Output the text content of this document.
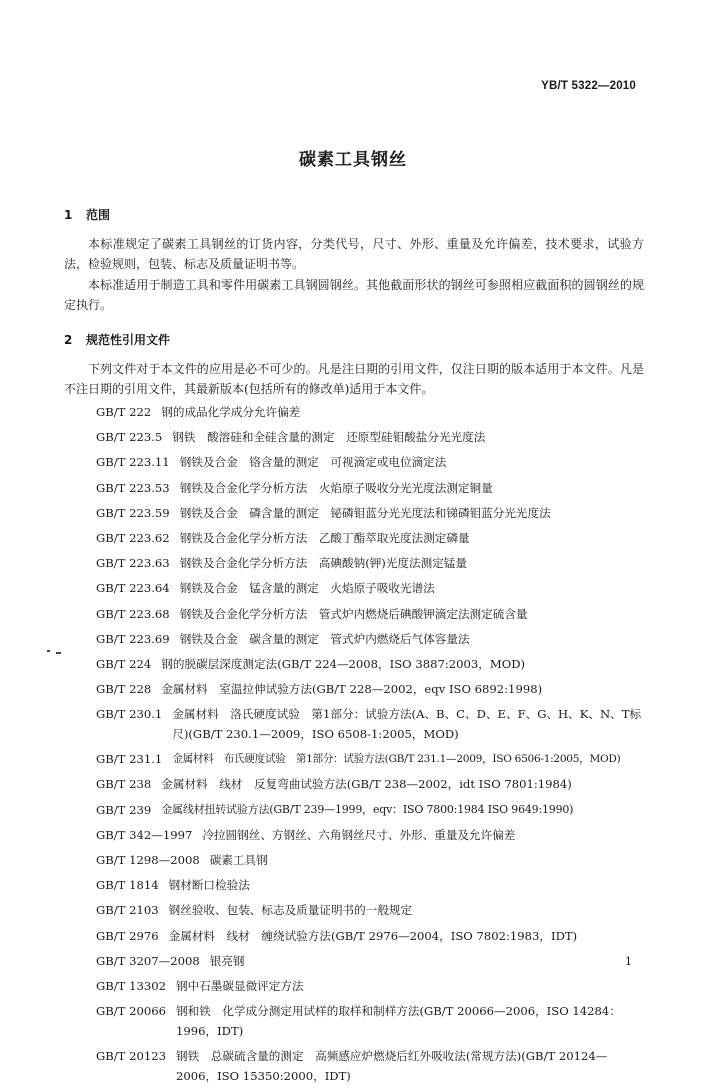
YB/T 5322—2010
碳素工具钢丝
1 范围

本标准规定了碳素工具钢丝的订货内容，分类代号，尺寸、外形、重量及允许偏差，技术要求，试验方法，检验规则，包装、标志及质量证明书等。

本标准适用于制造工具和零件用碳素工具钢圆钢丝。其他截面形状的钢丝可参照相应截面积的圆钢丝的规定执行。

2 规范性引用文件

下列文件对于本文件的应用是必不可少的。凡是注日期的引用文件，仅注日期的版本适用于本文件。凡是不注日期的引用文件，其最新版本(包括所有的修改单)适用于本文件。

GB/T 222 钢的成品化学成分允许偏差
GB/T 223.5 钢铁　酸溶硅和全硅含量的测定　还原型硅钼酸盐分光光度法
GB/T 223.11 钢铁及合金　铬含量的测定　可视滴定或电位滴定法
GB/T 223.53 钢铁及合金化学分析方法　火焰原子吸收分光光度法测定铜量
GB/T 223.59 钢铁及合金　磷含量的测定　铋磷钼蓝分光光度法和锑磷钼蓝分光光度法
GB/T 223.62 钢铁及合金化学分析方法　乙酸丁酯萃取光度法测定磷量
GB/T 223.63 钢铁及合金化学分析方法　高碘酸钠(钾)光度法测定锰量
GB/T 223.64 钢铁及合金　锰含量的测定　火焰原子吸收光谱法
GB/T 223.68 钢铁及合金化学分析方法　管式炉内燃烧后碘酸钾滴定法测定硫含量
GB/T 223.69 钢铁及合金　碳含量的测定　管式炉内燃烧后气体容量法
GB/T 224 钢的脱碳层深度测定法(GB/T 224—2008，ISO 3887:2003，MOD)
GB/T 228 金属材料　室温拉伸试验方法(GB/T 228—2002，eqv ISO 6892:1998)
GB/T 230.1 金属材料　洛氏硬度试验　第1部分：试验方法(A、B、C、D、E、F、G、H、K、N、T标尺)(GB/T 230.1—2009，ISO 6508-1:2005，MOD)
GB/T 231.1 金属材料　布氏硬度试验　第1部分：试验方法(GB/T 231.1—2009，ISO 6506-1:2005，MOD)
GB/T 238 金属材料　线材　反复弯曲试验方法(GB/T 238—2002，idt ISO 7801:1984)
GB/T 239 金属线材扭转试验方法(GB/T 239—1999，eqv：ISO 7800:1984 ISO 9649:1990)
GB/T 342—1997 冷拉圆钢丝、方钢丝、六角钢丝尺寸、外形、重量及允许偏差
GB/T 1298—2008 碳素工具钢
GB/T 1814 钢材断口检验法
GB/T 2103 钢丝验收、包装、标志及质量证明书的一般规定
GB/T 2976 金属材料　线材　缠绕试验方法(GB/T 2976—2004，ISO 7802:1983，IDT)
GB/T 3207—2008 银亮钢
GB/T 13302 钢中石墨碳显微评定方法
GB/T 20066 钢和铁　化学成分测定用试样的取样和制样方法(GB/T 20066—2006，ISO 14284：1996，IDT)
GB/T 20123 钢铁　总碳硫含量的测定　高频感应炉燃烧后红外吸收法(常规方法)(GB/T 20124—2006，ISO 15350:2000，IDT)
1
